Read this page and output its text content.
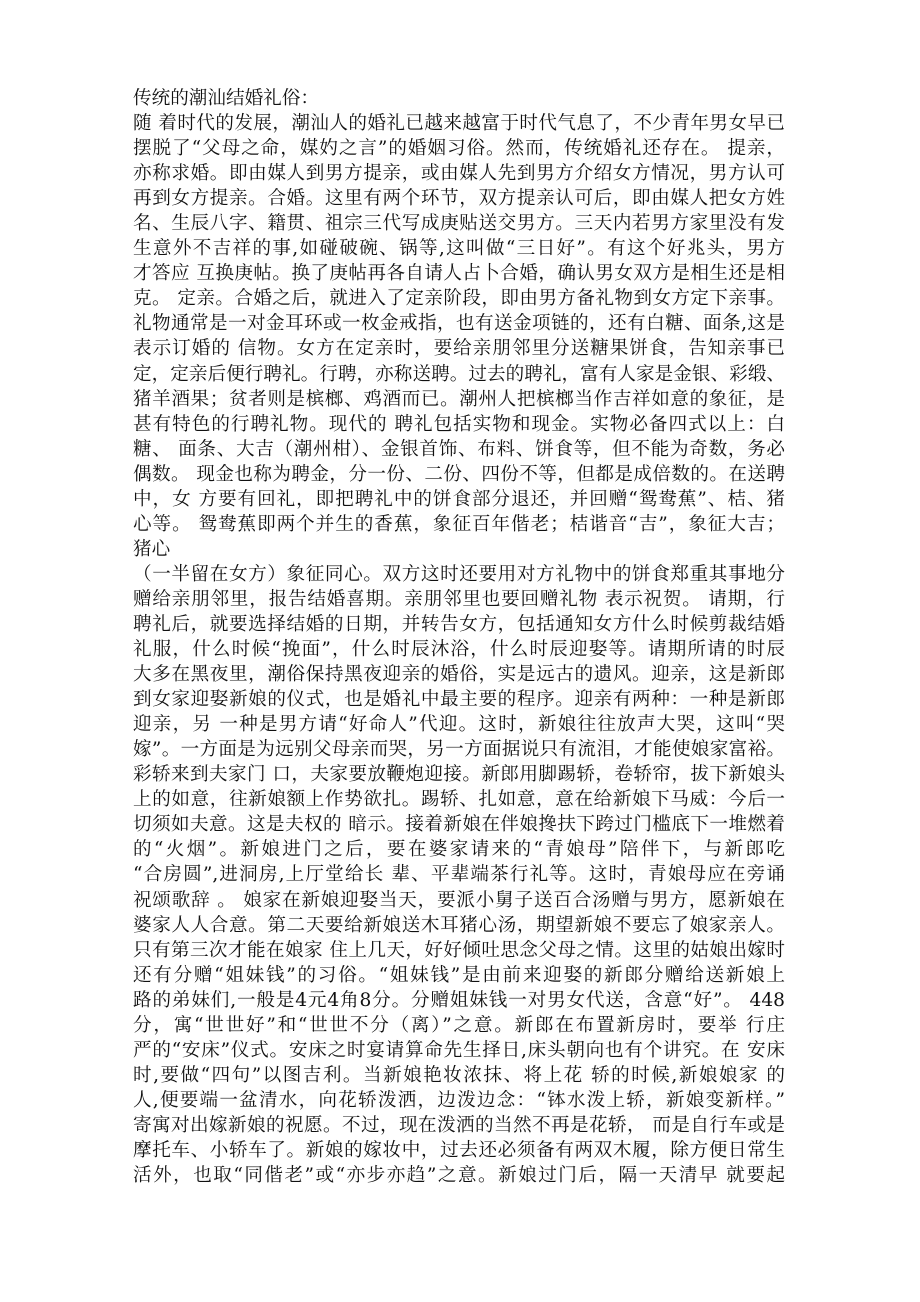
传统的潮汕结婚礼俗：
随 着时代的发展，潮汕人的婚礼已越来越富于时代气息了，不少青年男女早已
摆脱了“父母之命，媒妁之言”的婚姻习俗。然而，传统婚礼还存在。 提亲，
亦称求婚。即由媒人到男方提亲，或由媒人先到男方介绍女方情况，男方认可
再到女方提亲。合婚。这里有两个环节，双方提亲认可后，即由媒人把女方姓
名、生辰八字、籍贯、祖宗三代写成庚贴送交男方。三天内若男方家里没有发
生意外不吉祥的事,如碰破碗、锅等,这叫做“三日好”。有这个好兆头，男方
才答应 互换庚帖。换了庚帖再各自请人占卜合婚，确认男女双方是相生还是相
克。 定亲。合婚之后，就进入了定亲阶段，即由男方备礼物到女方定下亲事。
礼物通常是一对金耳环或一枚金戒指，也有送金项链的，还有白糖、面条,这是
表示订婚的 信物。女方在定亲时，要给亲朋邻里分送糖果饼食，告知亲事已
定，定亲后便行聘礼。行聘，亦称送聘。过去的聘礼，富有人家是金银、彩缎、
猪羊酒果；贫者则是槟榔、鸡酒而已。潮州人把槟榔当作吉祥如意的象征，是
甚有特色的行聘礼物。现代的 聘礼包括实物和现金。实物必备四式以上：白
糖、 面条、大吉（潮州柑）、金银首饰、布料、饼食等，但不能为奇数，务必
偶数。 现金也称为聘金，分一份、二份、四份不等，但都是成倍数的。在送聘
中，女 方要有回礼，即把聘礼中的饼食部分退还，并回赠“鸳鸯蕉”、桔、猪
心等。 鸳鸯蕉即两个并生的香蕉，象征百年偕老；桔谐音“吉”，象征大吉；
猪心
（一半留在女方）象征同心。双方这时还要用对方礼物中的饼食郑重其事地分
赠给亲朋邻里，报告结婚喜期。亲朋邻里也要回赠礼物 表示祝贺。 请期，行
聘礼后，就要选择结婚的日期，并转告女方，包括通知女方什么时候剪裁结婚
礼服，什么时候“挽面”，什么时辰沐浴，什么时辰迎娶等。请期所请的时辰
大多在黑夜里，潮俗保持黑夜迎亲的婚俗，实是远古的遗风。迎亲，这是新郎
到女家迎娶新娘的仪式，也是婚礼中最主要的程序。迎亲有两种：一种是新郎
迎亲，另 一种是男方请“好命人”代迎。这时，新娘往往放声大哭，这叫“哭
嫁”。一方面是为远别父母亲而哭，另一方面据说只有流泪，才能使娘家富裕。
彩轿来到夫家门 口，夫家要放鞭炮迎接。新郎用脚踢轿，卷轿帘，拔下新娘头
上的如意，往新娘额上作势欲扎。踢轿、扎如意，意在给新娘下马威：今后一
切须如夫意。这是夫权的 暗示。接着新娘在伴娘搀扶下跨过门槛底下一堆燃着
的“火烟”。新娘进门之后，要在婆家请来的“青娘母”陪伴下，与新郎吃
“合房圆”,进洞房,上厅堂给长 辈、平辈端茶行礼等。这时，青娘母应在旁诵
祝颂歌辞 。 娘家在新娘迎娶当天，要派小舅子送百合汤赠与男方，愿新娘在
婆家人人合意。第二天要给新娘送木耳猪心汤，期望新娘不要忘了娘家亲人。
只有第三次才能在娘家 住上几天，好好倾吐思念父母之情。这里的姑娘出嫁时
还有分赠“姐妹钱”的习俗。“姐妹钱”是由前来迎娶的新郎分赠给送新娘上
路的弟妹们,一般是4元4角8分。分赠姐妹钱一对男女代送，含意“好”。 448
分，寓“世世好”和“世世不分（离）”之意。新郎在布置新房时，要举 行庄
严的“安床”仪式。安床之时宴请算命先生择日,床头朝向也有个讲究。在 安床
时,要做“四句”以图吉利。当新娘艳妆浓抹、将上花 轿的时候,新娘娘家 的
人,便要端一盆清水，向花轿泼洒，边泼边念：“钵水泼上轿，新娘变新样。”
寄寓对出嫁新娘的祝愿。不过，现在泼洒的当然不再是花轿， 而是自行车或是
摩托车、小轿车了。新娘的嫁妆中，过去还必须备有两双木履，除方便日常生
活外，也取“同偕老”或“亦步亦趋”之意。新娘过门后，隔一天清早 就要起
